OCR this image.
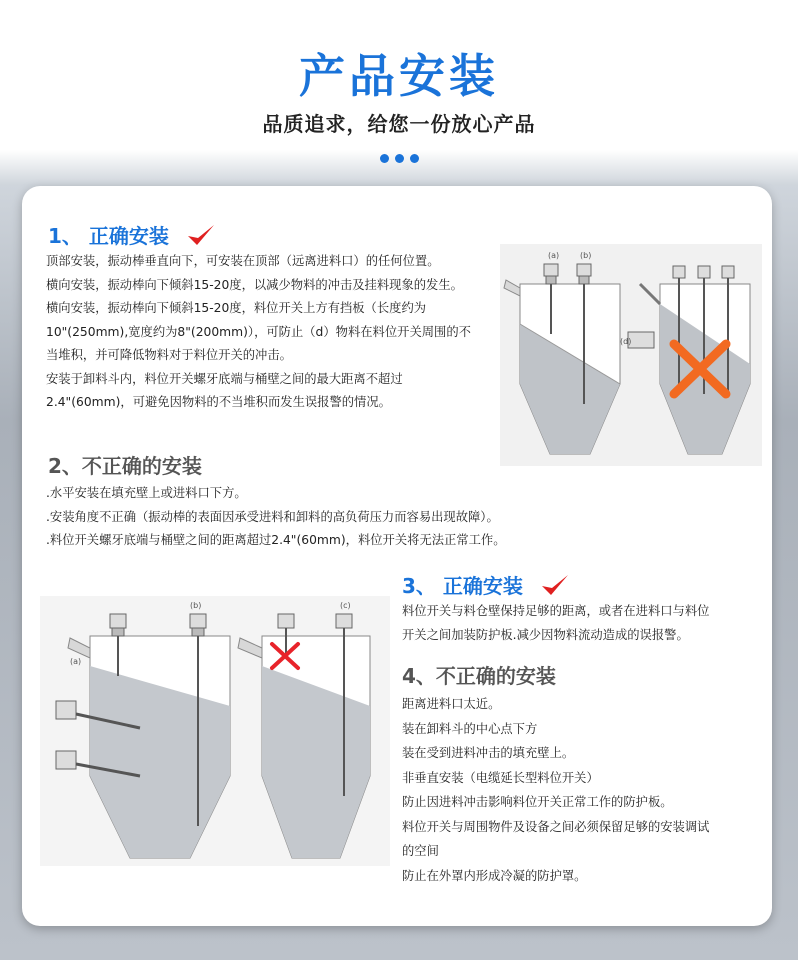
产品安装
品质追求，给您一份放心产品
1、 正确安装
顶部安装，振动棒垂直向下，可安装在顶部（远离进料口）的任何位置。
横向安装，振动棒向下倾斜15-20度，以减少物料的冲击及挂料现象的发生。
横向安装，振动棒向下倾斜15-20度，料位开关上方有挡板（长度约为
10"(250mm),宽度约为8"(200mm)），可防止（d）物料在料位开关周围的不
当堆积，并可降低物料对于料位开关的冲击。
安装于卸料斗内，料位开关螺牙底端与桶壁之间的最大距离不超过
2.4"(60mm)，可避免因物料的不当堆积而发生误报警的情况。
(a)	(b)
(d)
2、不正确的安装
.水平安装在填充壁上或进料口下方。
.安装角度不正确（振动棒的表面因承受进料和卸料的高负荷压力而容易出现故障）。
.料位开关螺牙底端与桶壁之间的距离超过2.4"(60mm)，料位开关将无法正常工作。
(a)
(b)	(c)
3、 正确安装
料位开关与料仓壁保持足够的距离，或者在进料口与料位
开关之间加装防护板.减少因物料流动造成的误报警。
4、不正确的安装
距离进料口太近。
装在卸料斗的中心点下方
装在受到进料冲击的填充壁上。
非垂直安装（电缆延长型料位开关）
防止因进料冲击影响料位开关正常工作的防护板。
料位开关与周围物件及设备之间必须保留足够的安装调试
的空间
防止在外罩内形成冷凝的防护罩。
